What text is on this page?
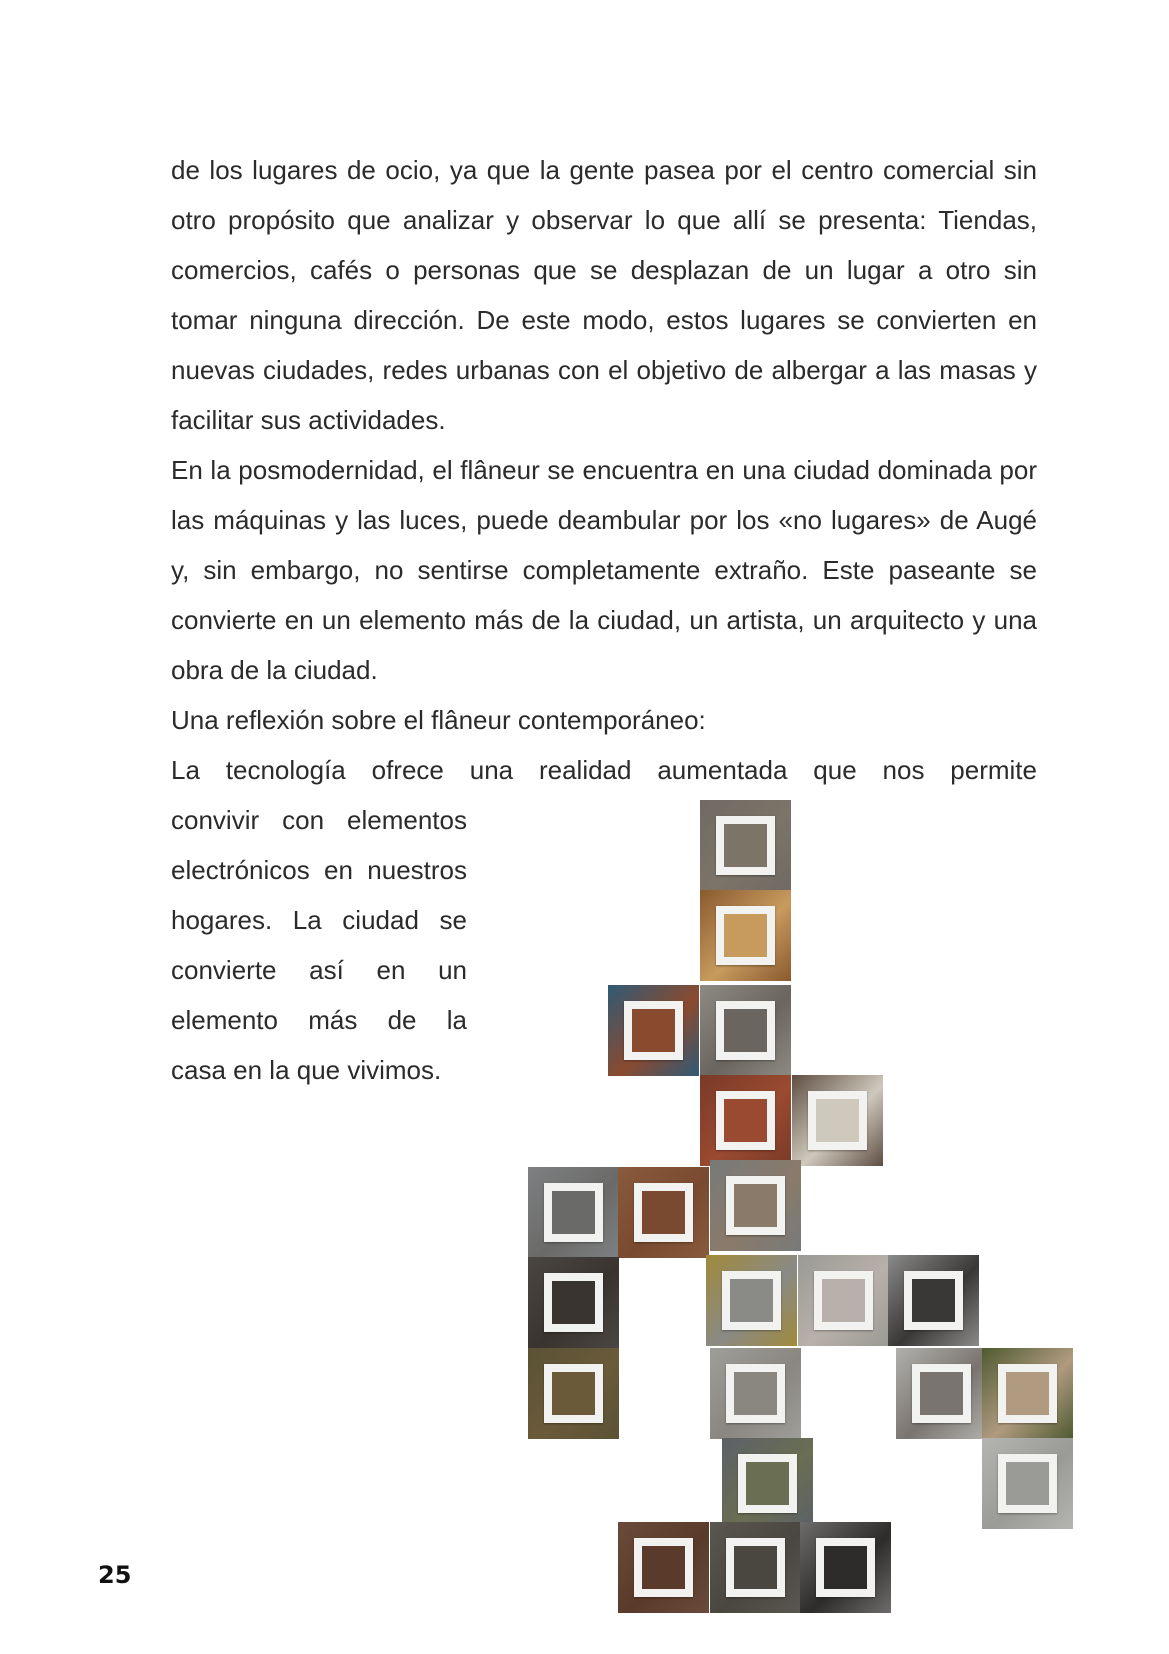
de los lugares de ocio, ya que la gente pasea por el centro comercial sin otro propósito que analizar y observar lo que allí se presenta: Tiendas, comercios, cafés o personas que se desplazan de un lugar a otro sin tomar ninguna dirección. De este modo, estos lugares se convierten en nuevas ciudades, redes urbanas con el objetivo de albergar a las masas y facilitar sus actividades.

En la posmodernidad, el flâneur se encuentra en una ciudad dominada por las máquinas y las luces, puede deambular por los «no lugares» de Augé y, sin embargo, no sentirse completamente extraño. Este paseante se convierte en un elemento más de la ciudad, un artista, un arquitecto y una obra de la ciudad.

Una reflexión sobre el flâneur contemporáneo:

La tecnología ofrece una realidad aumentada que nos permite

convivir con elementos electrónicos en nuestros hogares. La ciudad se convierte así en un elemento más de la
casa en la que vivimos.
25
